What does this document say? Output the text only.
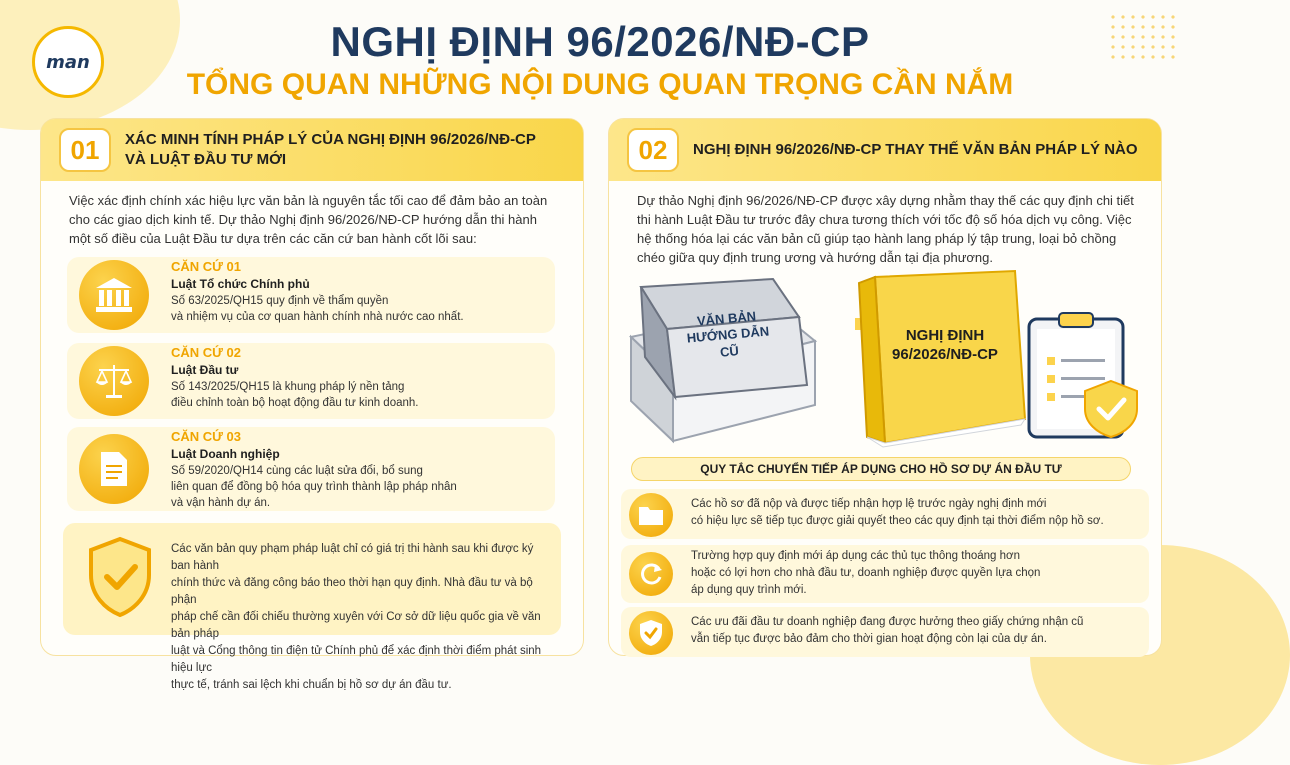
man	NGHỊ ĐỊNH 96/2026/NĐ-CP
TỔNG QUAN NHỮNG NỘI DUNG QUAN TRỌNG CẦN NẮM
01	XÁC MINH TÍNH PHÁP LÝ CỦA NGHỊ ĐỊNH 96/2026/NĐ-CP
VÀ LUẬT ĐẦU TƯ MỚI
Việc xác định chính xác hiệu lực văn bản là nguyên tắc tối cao để đảm bảo an toàn
cho các giao dịch kinh tế. Dự thảo Nghị định 96/2026/NĐ-CP hướng dẫn thi hành
một số điều của Luật Đầu tư dựa trên các căn cứ ban hành cốt lõi sau:
CĂN CỨ 01
Luật Tổ chức Chính phủ
Số 63/2025/QH15 quy định về thẩm quyền
và nhiệm vụ của cơ quan hành chính nhà nước cao nhất.
CĂN CỨ 02
Luật Đầu tư
Số 143/2025/QH15 là khung pháp lý nền tảng
điều chỉnh toàn bộ hoạt động đầu tư kinh doanh.
CĂN CỨ 03
Luật Doanh nghiệp
Số 59/2020/QH14 cùng các luật sửa đổi, bổ sung
liên quan để đồng bộ hóa quy trình thành lập pháp nhân
và vận hành dự án.
Các văn bản quy phạm pháp luật chỉ có giá trị thi hành sau khi được ký ban hành
chính thức và đăng công báo theo thời hạn quy định. Nhà đầu tư và bộ phận
pháp chế cần đối chiếu thường xuyên với Cơ sở dữ liệu quốc gia về văn bản pháp
luật và Cổng thông tin điện tử Chính phủ để xác định thời điểm phát sinh hiệu lực
thực tế, tránh sai lệch khi chuẩn bị hồ sơ dự án đầu tư.
02	NGHỊ ĐỊNH 96/2026/NĐ-CP THAY THẾ VĂN BẢN PHÁP LÝ NÀO
Dự thảo Nghị định 96/2026/NĐ-CP được xây dựng nhằm thay thế các quy định chi tiết
thi hành Luật Đầu tư trước đây chưa tương thích với tốc độ số hóa dịch vụ công. Việc
hệ thống hóa lại các văn bản cũ giúp tạo hành lang pháp lý tập trung, loại bỏ chồng
chéo giữa quy định trung ương và hướng dẫn tại địa phương.
VĂN BẢN
HƯỚNG DẪN
CŨ
NGHỊ ĐỊNH
96/2026/NĐ-CP
QUY TẮC CHUYỂN TIẾP ÁP DỤNG CHO HỒ SƠ DỰ ÁN ĐẦU TƯ
Các hồ sơ đã nộp và được tiếp nhận hợp lệ trước ngày nghị định mới
có hiệu lực sẽ tiếp tục được giải quyết theo các quy định tại thời điểm nộp hồ sơ.
Trường hợp quy định mới áp dụng các thủ tục thông thoáng hơn
hoặc có lợi hơn cho nhà đầu tư, doanh nghiệp được quyền lựa chọn
áp dụng quy trình mới.
Các ưu đãi đầu tư doanh nghiệp đang được hưởng theo giấy chứng nhận cũ
vẫn tiếp tục được bảo đảm cho thời gian hoạt động còn lại của dự án.
